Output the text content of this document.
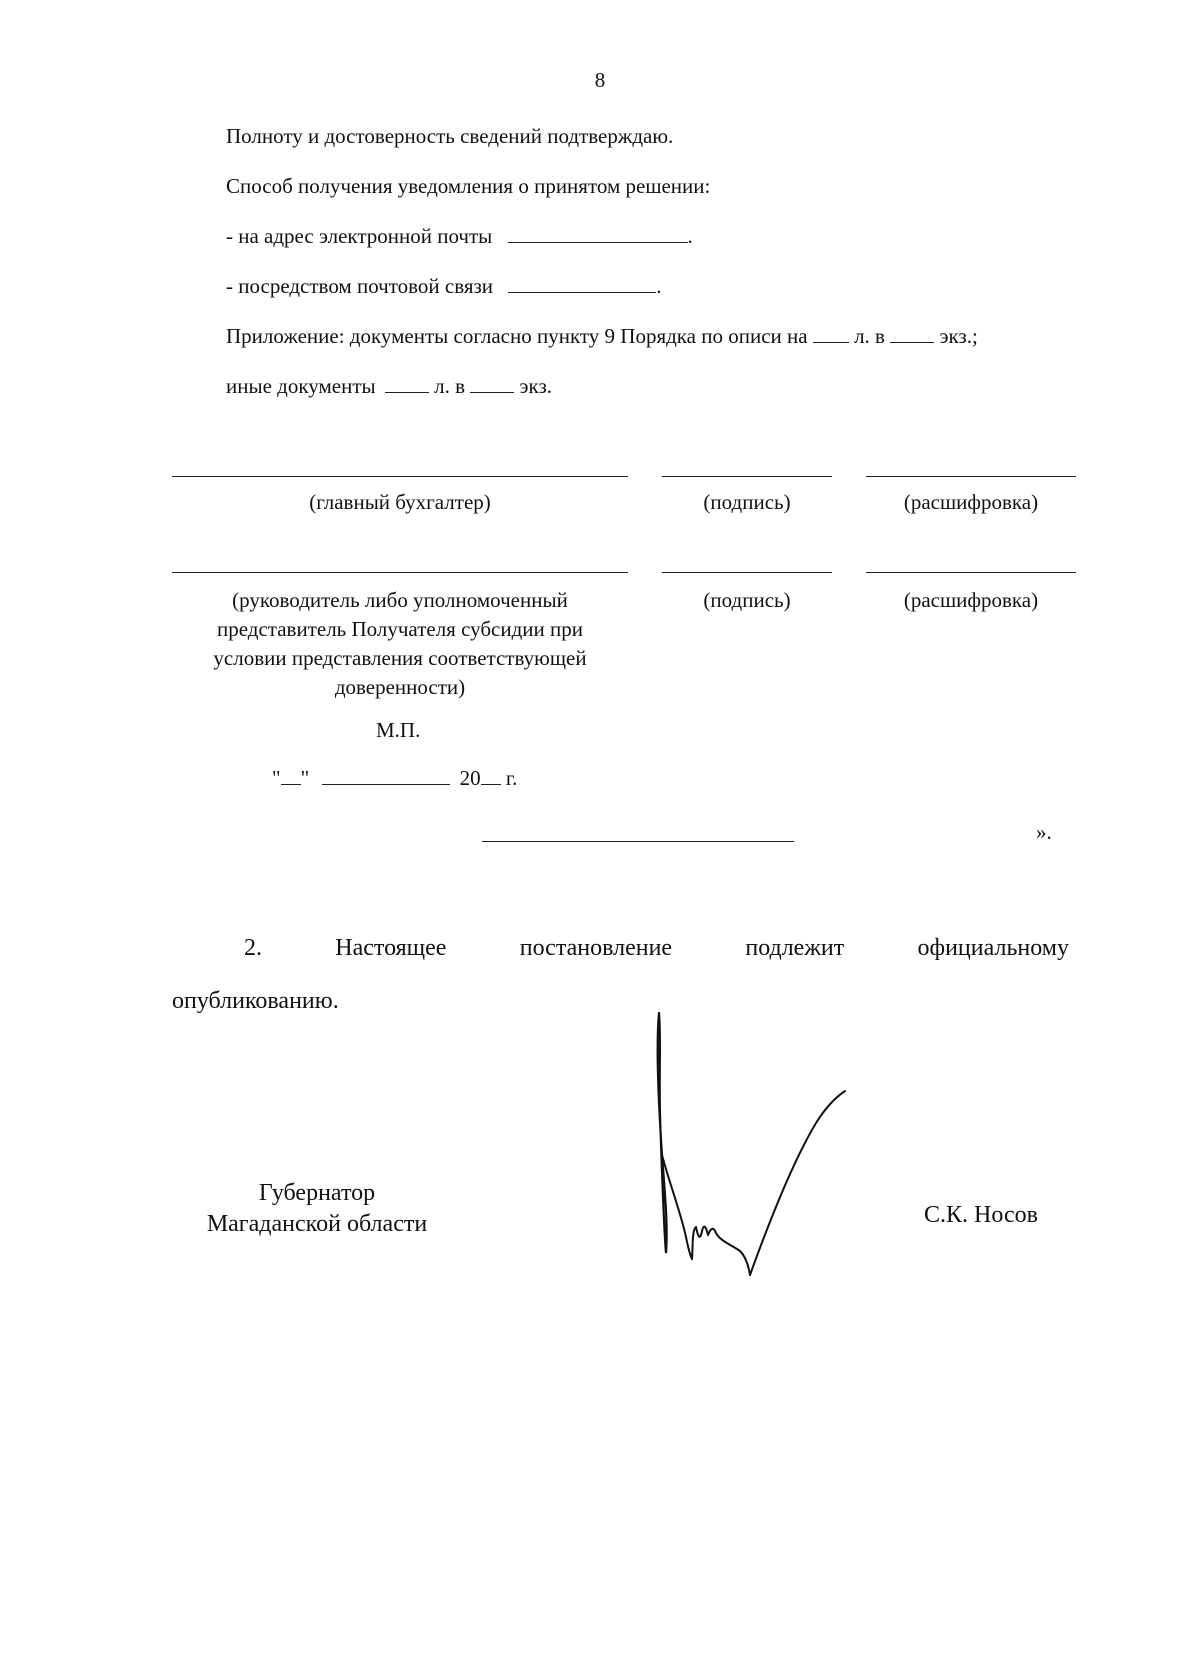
8
Полноту и достоверность сведений подтверждаю.
Способ получения уведомления о принятом решении:
- на адрес электронной почты	.
- посредством почтовой связи	.
Приложение: документы согласно пункту 9 Порядка по описи на л. в	экз.;
иные документы	л. в	экз.
(главный бухгалтер)	(подпись)	(расшифровка)
(руководитель либо уполномоченный
представитель Получателя субсидии при
условии представления соответствующей
доверенности)
(подпись)	(расшифровка)
М.П.
" "	20 г.
».
2.	Настоящее	постановление	подлежит	официальному
опубликованию.
Губернатор
Магаданской области	С.К. Носов
